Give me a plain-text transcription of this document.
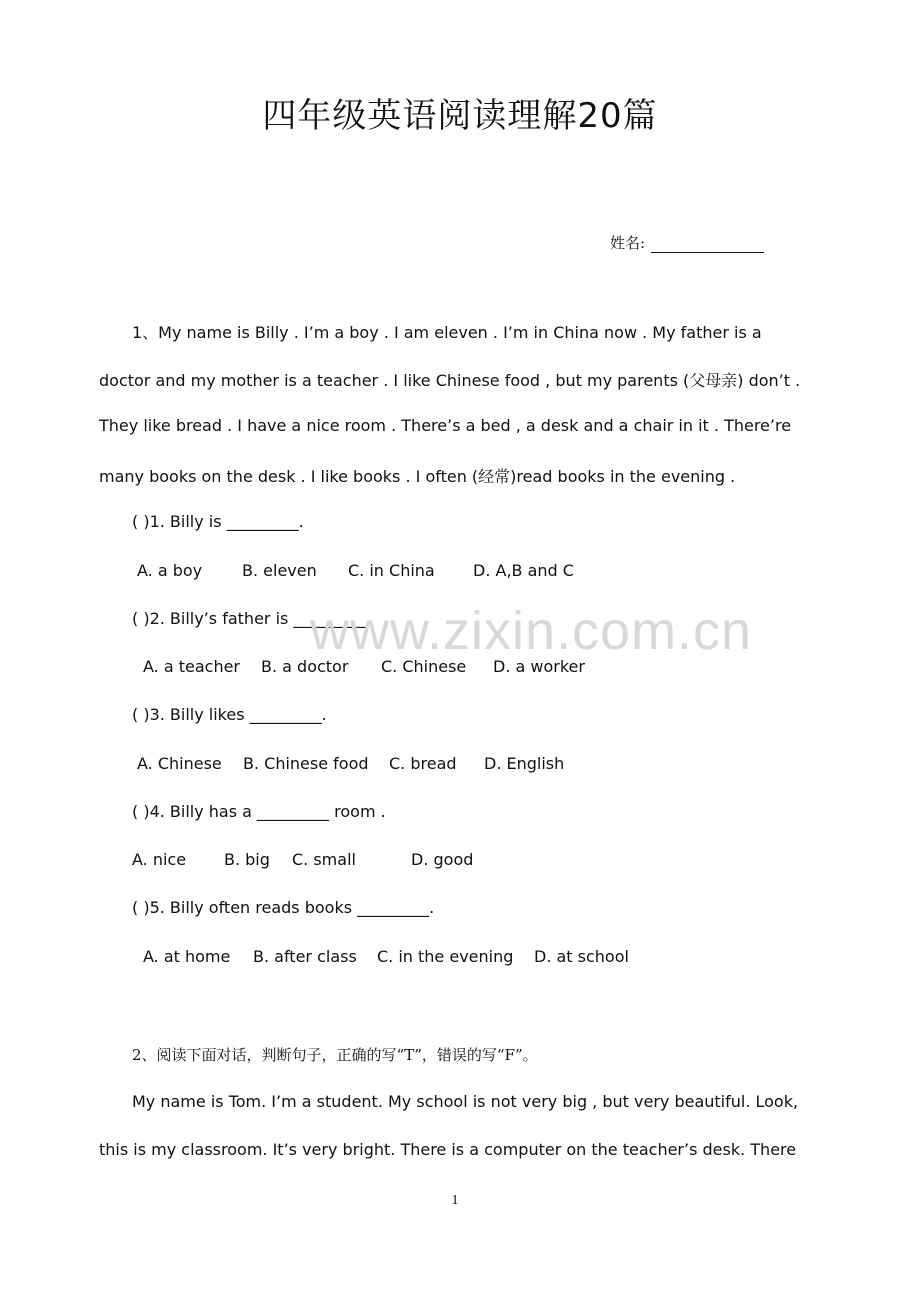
四年级英语阅读理解20篇
姓名:
1、My name is Billy . I’m a boy . I am eleven . I’m in China now . My father is a
doctor and my mother is a teacher . I like Chinese food , but my parents (父母亲) don’t .
They like bread . I have a nice room . There’s a bed , a desk and a chair in it . There’re
many books on the desk . I like books . I often (经常)read books in the evening .
( )1. Billy is _________.
A. a boy B. eleven C. in China D. A,B and C
( )2. Billy’s father is _________.
A. a teacher B. a doctor C. Chinese D. a worker
( )3. Billy likes _________.
A. Chinese B. Chinese food C. bread D. English
( )4. Billy has a _________ room .
A. nice B. big C. small	D. good
( )5. Billy often reads books _________.
A. at home B. after class C. in the evening D. at school
2、阅读下面对话，判断句子，正确的写“T”，错误的写“F”。
My name is Tom. I’m a student. My school is not very big , but very beautiful. Look,
this is my classroom. It’s very bright. There is a computer on the teacher’s desk. There
www.zixin.com.cn
1
